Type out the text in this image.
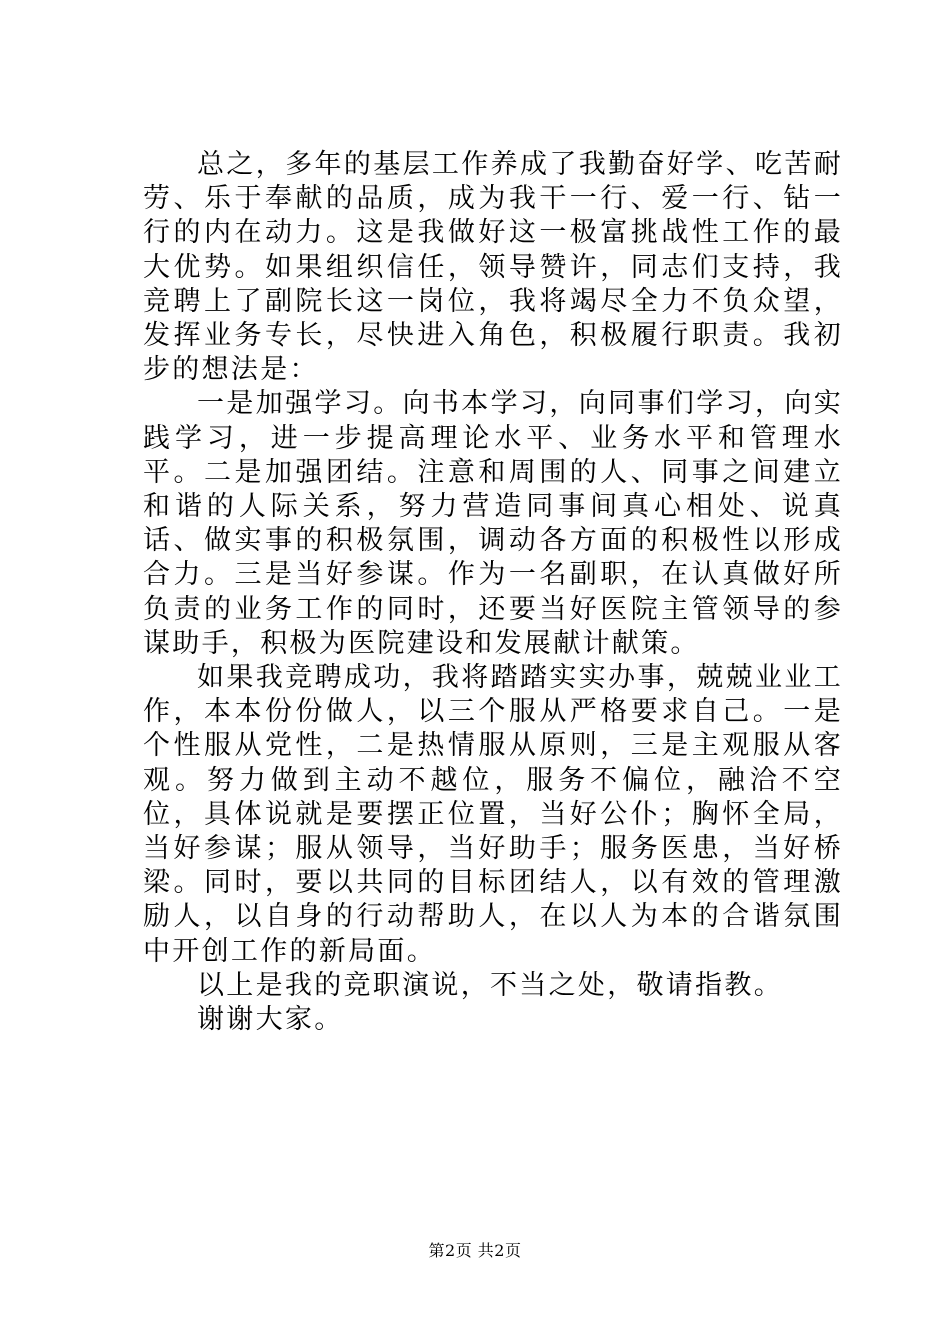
总之，多年的基层工作养成了我勤奋好学、吃苦耐劳、乐于奉献的品质，成为我干一行、爱一行、钻一行的内在动力。这是我做好这一极富挑战性工作的最大优势。如果组织信任，领导赞许，同志们支持，我竞聘上了副院长这一岗位，我将竭尽全力不负众望，发挥业务专长，尽快进入角色，积极履行职责。我初步的想法是：

一是加强学习。向书本学习，向同事们学习，向实践学习，进一步提高理论水平、业务水平和管理水平。二是加强团结。注意和周围的人、同事之间建立和谐的人际关系，努力营造同事间真心相处、说真话、做实事的积极氛围，调动各方面的积极性以形成合力。三是当好参谋。作为一名副职，在认真做好所负责的业务工作的同时，还要当好医院主管领导的参谋助手，积极为医院建设和发展献计献策。

如果我竞聘成功，我将踏踏实实办事，兢兢业业工作，本本份份做人，以三个服从严格要求自己。一是个性服从党性，二是热情服从原则，三是主观服从客观。努力做到主动不越位，服务不偏位，融洽不空位，具体说就是要摆正位置，当好公仆；胸怀全局，当好参谋；服从领导，当好助手；服务医患，当好桥梁。同时，要以共同的目标团结人，以有效的管理激励人，以自身的行动帮助人，在以人为本的合谐氛围中开创工作的新局面。

以上是我的竞职演说，不当之处，敬请指教。

谢谢大家。

第2页 共2页
